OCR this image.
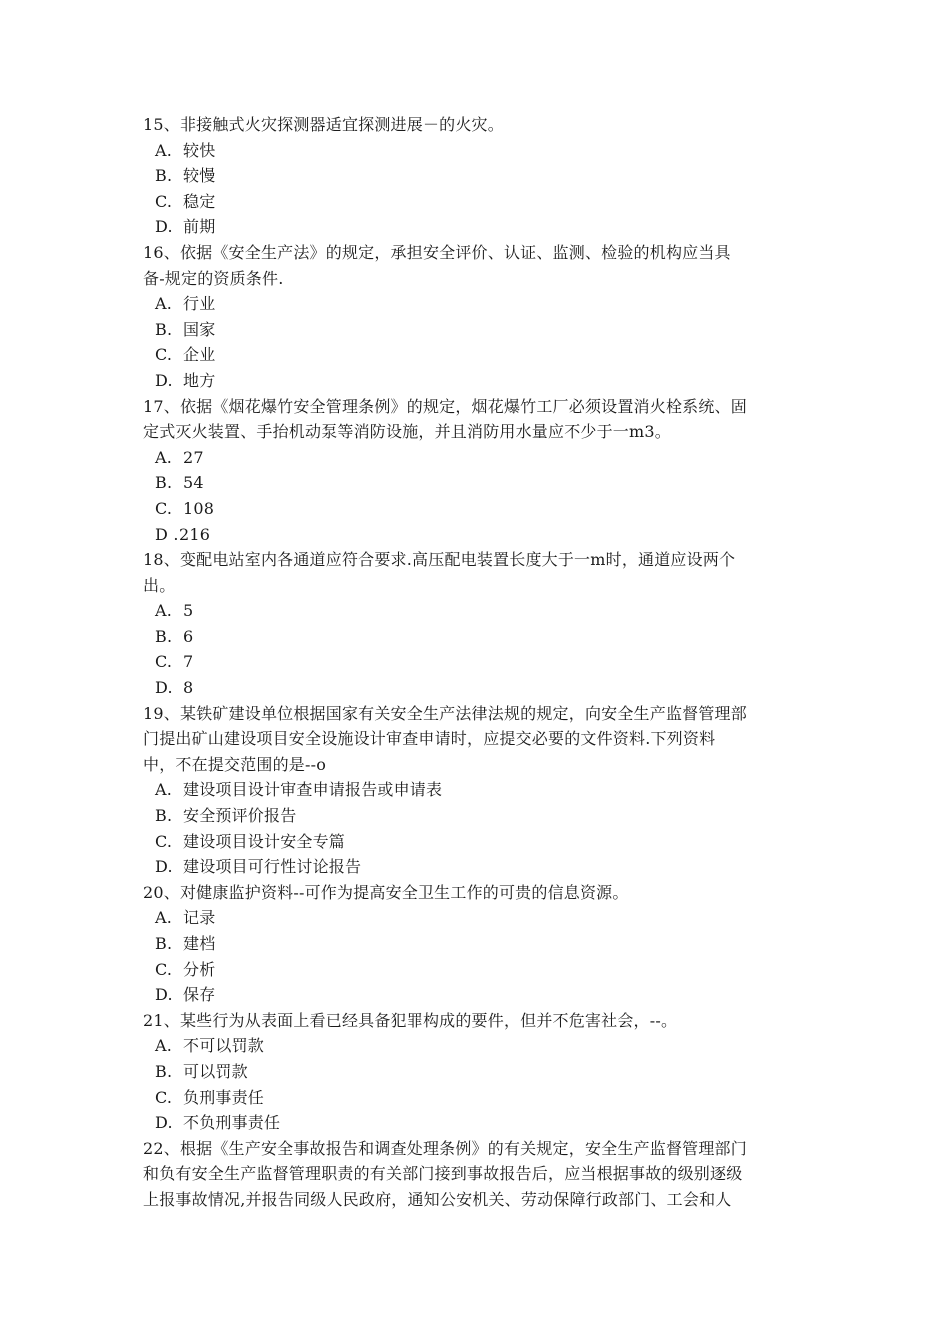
15、非接触式火灾探测器适宜探测进展－的火灾。

A. 较快

B. 较慢

C. 稳定

D. 前期

16、依据《安全生产法》的规定，承担安全评价、认证、监测、检验的机构应当具

备-规定的资质条件.

A. 行业

B. 国家

C. 企业

D. 地方

17、依据《烟花爆竹安全管理条例》的规定，烟花爆竹工厂必须设置消火栓系统、固

定式灭火装置、手抬机动泵等消防设施，并且消防用水量应不少于一m3。

A. 27

B. 54

C. 108

D .216

18、变配电站室内各通道应符合要求.高压配电装置长度大于一m时，通道应设两个

出。

A. 5

B. 6

C. 7

D. 8

19、某铁矿建设单位根据国家有关安全生产法律法规的规定，向安全生产监督管理部

门提出矿山建设项目安全设施设计审查申请时，应提交必要的文件资料.下列资料

中，不在提交范围的是--o

A. 建设项目设计审查申请报告或申请表

B. 安全预评价报告

C. 建设项目设计安全专篇

D. 建设项目可行性讨论报告

20、对健康监护资料--可作为提高安全卫生工作的可贵的信息资源。

A. 记录

B. 建档

C. 分析

D. 保存

21、某些行为从表面上看已经具备犯罪构成的要件，但并不危害社会，--。

A. 不可以罚款

B. 可以罚款

C. 负刑事责任

D. 不负刑事责任

22、根据《生产安全事故报告和调查处理条例》的有关规定，安全生产监督管理部门

和负有安全生产监督管理职责的有关部门接到事故报告后，应当根据事故的级别逐级

上报事故情况,并报告同级人民政府，通知公安机关、劳动保障行政部门、工会和人
